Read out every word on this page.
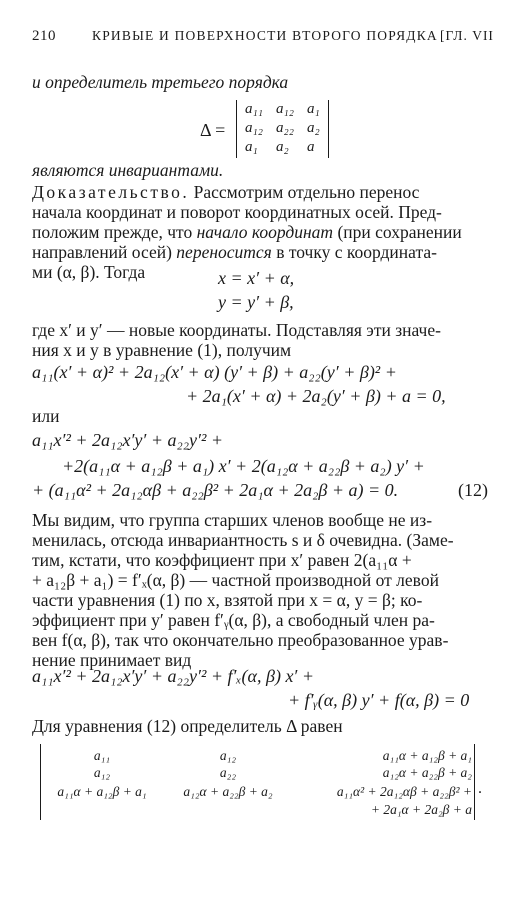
210	КРИВЫЕ И ПОВЕРХНОСТИ ВТОРОГО ПОРЯДКА [ГЛ. VII
и определитель третьего порядка
Δ =
a₁₁ a₁₂ a₁
a₁₂ a₂₂ a₂
a₁ a₂ a
являются инвариантами.
Доказательство. Рассмотрим отдельно перенос
начала координат и поворот координатных осей. Пред-
положим прежде, что начало координат (при сохранении
направлений осей) переносится в точку с координата-
ми (α, β). Тогда	x = x′ + α,
y = y′ + β,
где x′ и y′ — новые координаты. Подставляя эти значе-
ния x и y в уравнение (1), получим
a₁₁(x′ + α)² + 2a₁₂(x′ + α) (y′ + β) + a₂₂(y′ + β)² +
+ 2a₁(x′ + α) + 2a₂(y′ + β) + a = 0,
или
a₁₁x′² + 2a₁₂x′y′ + a₂₂y′² +
+2(a₁₁α + a₁₂β + a₁) x′ + 2(a₁₂α + a₂₂β + a₂) y′ +
+ (a₁₁α² + 2a₁₂αβ + a₂₂β² + 2a₁α + 2a₂β + a) = 0.	(12)
Мы видим, что группа старших членов вообще не из-
менилась, отсюда инвариантность s и δ очевидна. (Заме-
тим, кстати, что коэффициент при x′ равен 2(a₁₁α +
+ a₁₂β + a₁) = f′ₓ(α, β) — частной производной от левой
части уравнения (1) по x, взятой при x = α, y = β; ко-
эффициент при y′ равен f′ᵧ(α, β), а свободный член ра-
вен f(α, β), так что окончательно преобразованное урав-
нение принимает вид
a₁₁x′² + 2a₁₂x′y′ + a₂₂y′² + f′ₓ(α, β) x′ +
+ f′ᵧ(α, β) y′ + f(α, β) = 0
Для уравнения (12) определитель Δ равен
a₁₁	a₁₂	a₁₁α + a₁₂β + a₁
a₁₂	a₂₂	a₁₂α + a₂₂β + a₂
a₁₁α + a₁₂β + a₁	a₁₂α + a₂₂β + a₂	a₁₁α² + 2a₁₂αβ + a₂₂β² +
+ 2a₁α + 2a₂β + a
.
